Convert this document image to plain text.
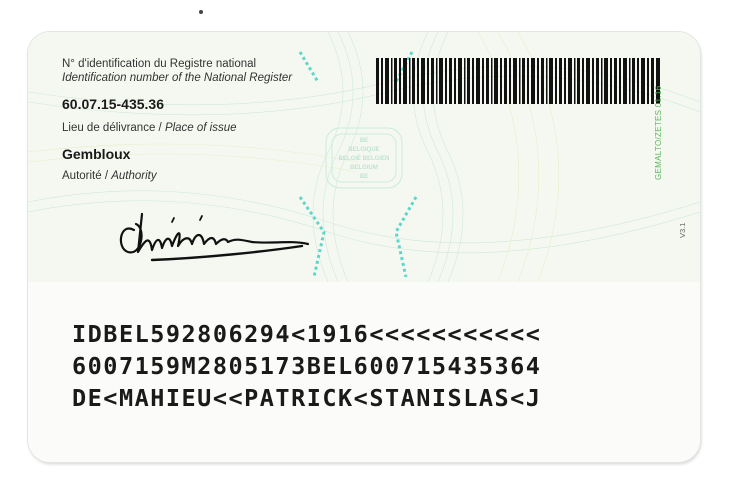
BE
BELGIQUE
BELGIË BELGIEN
BELGIUM
BE
N° d'identification du Registre national
Identification number of the National Register
60.07.15-435.36
Lieu de délivrance / Place of issue
Gembloux
Autorité / Authority	GEMALTO/ZETES 01.16
V3.1
IDBEL592806294<1916<<<<<<<<<<<
6007159M2805173BEL600715435364
DE<MAHIEU<<PATRICK<STANISLAS<J
